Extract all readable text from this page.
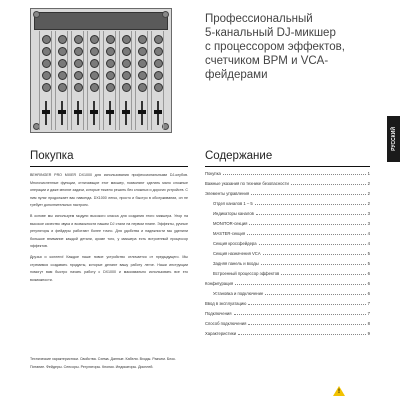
Профессиональный
5-канальный DJ-микшер
с процессором эффектов,
счетчиком BPM и VCA-
фейдерами
РУССКИЙ
Покупка

BEHRINGER PRO MIXER DX1000 для использования профессиональными DJ-клубов. Многочисленные функции, отличающие этот микшер, позволяют сделать мало сложные операции и даже многие задачи, которые тяжело решить без сложных и дорогих устройств. С ним пульт продолжает вас навсегда. DX1000 легко, просто и быстро в обслуживании, он не требует дополнительных настроек.

В основе мы используем модули высокого класса для создания этого микшера. Упор на высокое качество звука и возможности нашим DJ стали на первом плане. Эффекты, ручные регуляторы и фейдеры работают более точно. Для удобства и надежности мы уделили большое внимание каждой детали, кроме того, у микшера есть встроенный процессор эффектов.

Друзья и коллеги! Каждое наше новое устройство отличается от предыдущего. Мы стремимся создавать продукты, которые делают вашу работу легче. Наши инструкции помогут вам быстро начать работу с DX1000 и максимально использовать все его возможности.

Технические характеристики. Свойства. Схема. Данные. Кабели. Входы. Разъем. Блок. Питание. Фейдеры. Сенсоры. Регуляторы. Кнопки. Индикаторы. Дисплей.
Содержание
Покупка	1
Важные указания по технике безопасности	2
Элементы управления	2
Отдел каналов 1 – 5	2
Индикаторы каналов	3
MONITOR-секция	3
MASTER-секция	4
Секция кроссфейдера	4
Секция назначения VCA	5
Задняя панель и входы	5
Встроенный процессор эффектов	6
Конфигурация	6
Установка и подключение	6
Ввод в эксплуатацию	7
Подключения	7
Способ подключения	8
Характеристики	9
!
